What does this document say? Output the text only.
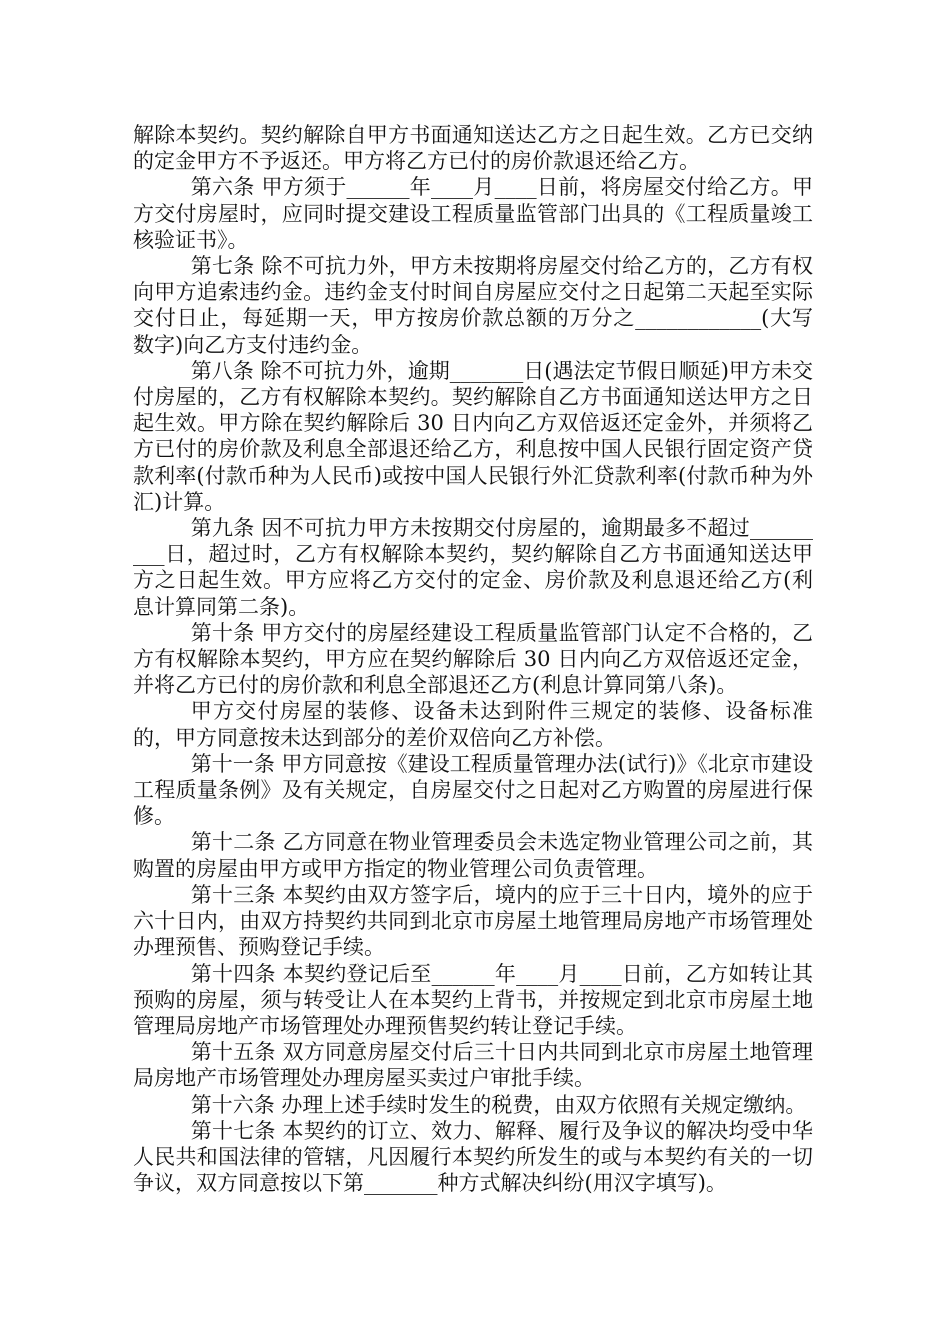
解除本契约。契约解除自甲方书面通知送达乙方之日起生效。乙方已交纳的定金甲方不予返还。甲方将乙方已付的房价款退还给乙方。

第六条 甲方须于______年____月____日前，将房屋交付给乙方。甲方交付房屋时，应同时提交建设工程质量监管部门出具的《工程质量竣工核验证书》。

第七条 除不可抗力外，甲方未按期将房屋交付给乙方的，乙方有权向甲方追索违约金。违约金支付时间自房屋应交付之日起第二天起至实际交付日止，每延期一天，甲方按房价款总额的万分之____________(大写数字)向乙方支付违约金。

第八条 除不可抗力外，逾期_______日(遇法定节假日顺延)甲方未交付房屋的，乙方有权解除本契约。契约解除自乙方书面通知送达甲方之日起生效。甲方除在契约解除后 30 日内向乙方双倍返还定金外，并须将乙方已付的房价款及利息全部退还给乙方，利息按中国人民银行固定资产贷款利率(付款币种为人民币)或按中国人民银行外汇贷款利率(付款币种为外汇)计算。

第九条 因不可抗力甲方未按期交付房屋的，逾期最多不超过_________日，超过时，乙方有权解除本契约，契约解除自乙方书面通知送达甲方之日起生效。甲方应将乙方交付的定金、房价款及利息退还给乙方(利息计算同第二条)。

第十条 甲方交付的房屋经建设工程质量监管部门认定不合格的，乙方有权解除本契约，甲方应在契约解除后 30 日内向乙方双倍返还定金，并将乙方已付的房价款和利息全部退还乙方(利息计算同第八条)。

甲方交付房屋的装修、设备未达到附件三规定的装修、设备标准的，甲方同意按未达到部分的差价双倍向乙方补偿。

第十一条 甲方同意按《建设工程质量管理办法(试行)》《北京市建设工程质量条例》及有关规定，自房屋交付之日起对乙方购置的房屋进行保修。

第十二条 乙方同意在物业管理委员会未选定物业管理公司之前，其购置的房屋由甲方或甲方指定的物业管理公司负责管理。

第十三条 本契约由双方签字后，境内的应于三十日内，境外的应于六十日内，由双方持契约共同到北京市房屋土地管理局房地产市场管理处办理预售、预购登记手续。

第十四条 本契约登记后至______年____月____日前，乙方如转让其预购的房屋，须与转受让人在本契约上背书，并按规定到北京市房屋土地管理局房地产市场管理处办理预售契约转让登记手续。

第十五条 双方同意房屋交付后三十日内共同到北京市房屋土地管理局房地产市场管理处办理房屋买卖过户审批手续。

第十六条 办理上述手续时发生的税费，由双方依照有关规定缴纳。

第十七条 本契约的订立、效力、解释、履行及争议的解决均受中华人民共和国法律的管辖，凡因履行本契约所发生的或与本契约有关的一切争议，双方同意按以下第_______种方式解决纠纷(用汉字填写)。
